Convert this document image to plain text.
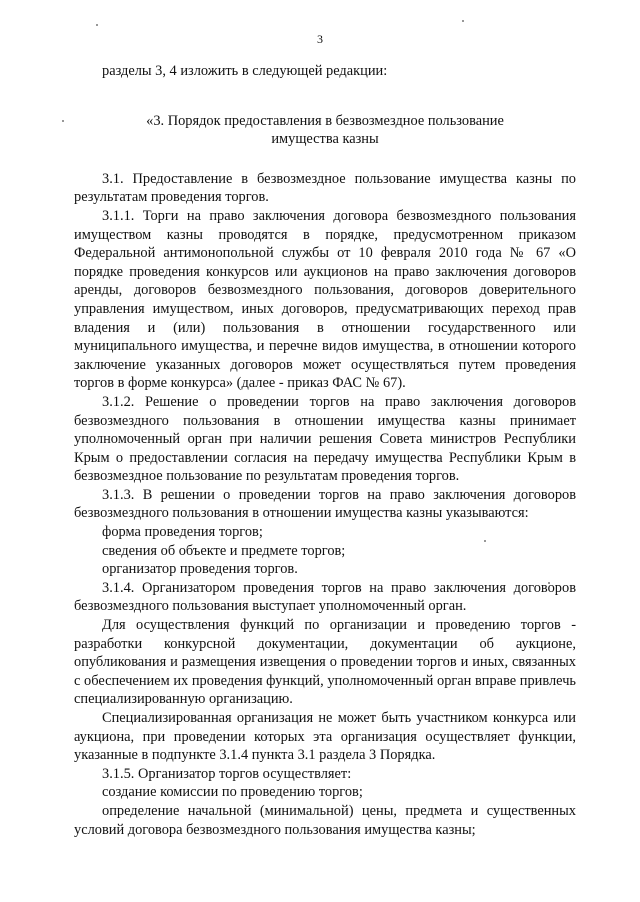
3

разделы 3, 4 изложить в следующей редакции:

«3. Порядок предоставления в безвозмездное пользование
имущества казны

3.1. Предоставление в безвозмездное пользование имущества казны по результатам проведения торгов.

3.1.1. Торги на право заключения договора безвозмездного пользования имуществом казны проводятся в порядке, предусмотренном приказом Федеральной антимонопольной службы от 10 февраля 2010 года № 67 «О порядке проведения конкурсов или аукционов на право заключения договоров аренды, договоров безвозмездного пользования, договоров доверительного управления имуществом, иных договоров, предусматривающих переход прав владения и (или) пользования в отношении государственного или муниципального имущества, и перечне видов имущества, в отношении которого заключение указанных договоров может осуществляться путем проведения торгов в форме конкурса» (далее - приказ ФАС № 67).

3.1.2. Решение о проведении торгов на право заключения договоров безвозмездного пользования в отношении имущества казны принимает уполномоченный орган при наличии решения Совета министров Республики Крым о предоставлении согласия на передачу имущества Республики Крым в безвозмездное пользование по результатам проведения торгов.

3.1.3. В решении о проведении торгов на право заключения договоров безвозмездного пользования в отношении имущества казны указываются:

форма проведения торгов;

сведения об объекте и предмете торгов;

организатор проведения торгов.

3.1.4. Организатором проведения торгов на право заключения договоров безвозмездного пользования выступает уполномоченный орган.

Для осуществления функций по организации и проведению торгов - разработки конкурсной документации, документации об аукционе, опубликования и размещения извещения о проведении торгов и иных, связанных с обеспечением их проведения функций, уполномоченный орган вправе привлечь специализированную организацию.

Специализированная организация не может быть участником конкурса или аукциона, при проведении которых эта организация осуществляет функции, указанные в подпункте 3.1.4 пункта 3.1 раздела 3 Порядка.

3.1.5. Организатор торгов осуществляет:

создание комиссии по проведению торгов;

определение начальной (минимальной) цены, предмета и существенных условий договора безвозмездного пользования имущества казны;
